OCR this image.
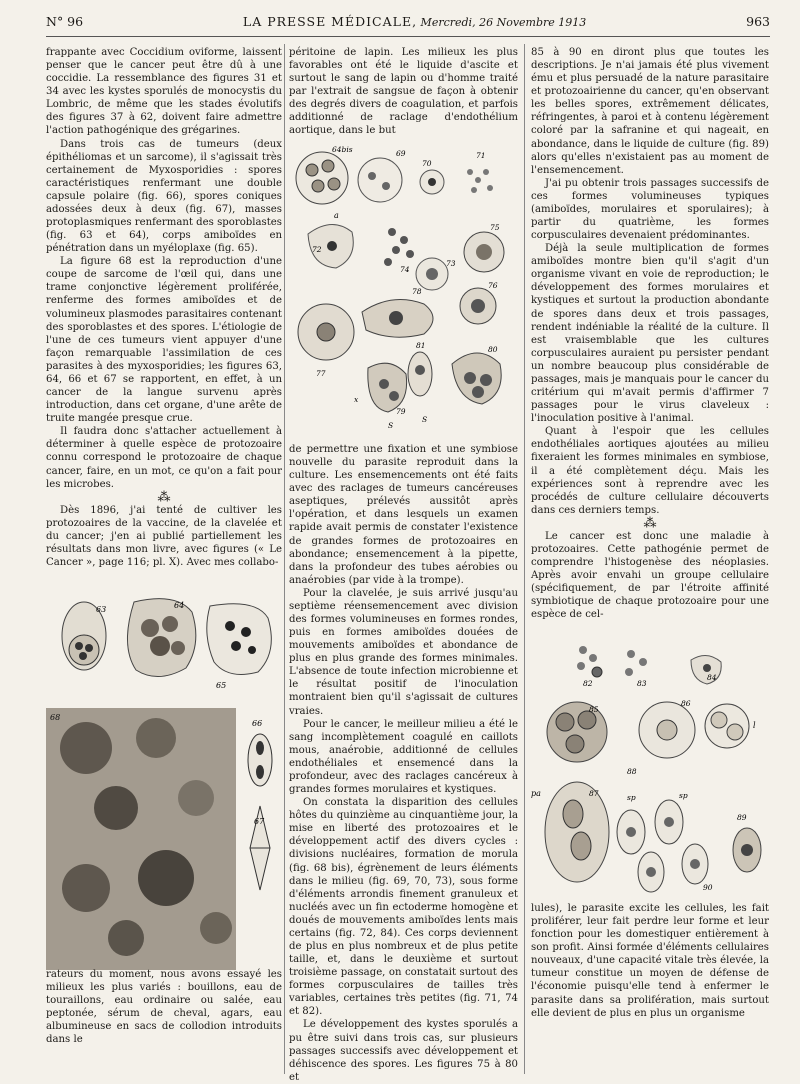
N° 96	LA PRESSE MÉDICALE, Mercredi, 26 Novembre 1913	963

frappante avec Coccidium oviforme, laissent penser que le cancer peut être dû à une coccidie. La ressemblance des figures 31 et 34 avec les kystes sporulés de monocystis du Lombric, de même que les stades évolutifs des figures 37 à 62, doivent faire admettre l'action pathogénique des grégarines.

Dans trois cas de tumeurs (deux épithéliomas et un sarcome), il s'agissait très certainement de Myxosporidies : spores caractéristiques renfermant une double capsule polaire (fig. 66), spores coniques adossées deux à deux (fig. 67), masses protoplasmiques renfermant des sporoblastes (fig. 63 et 64), corps amiboïdes en pénétration dans un myéloplaxe (fig. 65).

La figure 68 est la reproduction d'une coupe de sarcome de l'œil qui, dans une trame conjonctive légèrement proliférée, renferme des formes amiboïdes et de volumineux plasmodes parasitaires contenant des sporoblastes et des spores. L'étiologie de l'une de ces tumeurs vient appuyer d'une façon remarquable l'assimilation de ces parasites à des myxosporidies; les figures 63, 64, 66 et 67 se rapportent, en effet, à un cancer de la langue survenu après introduction, dans cet organe, d'une arête de truite mangée presque crue.

Il faudra donc s'attacher actuellement à déterminer à quelle espèce de protozoaire connu correspond le protozoaire de chaque cancer, faire, en un mot, ce qu'on a fait pour les microbes.

⁂

Dès 1896, j'ai tenté de cultiver les protozoaires de la vaccine, de la clavelée et du cancer; j'en ai publié partiellement les résultats dans mon livre, avec figures (« Le Cancer », page 116; pl. X). Avec mes collabo-

63	64
65
68
66
67

rateurs du moment, nous avons essayé les milieux les plus variés : bouillons, eau de touraillons, eau ordinaire ou salée, eau peptonée, sérum de cheval, agars, eau albumineuse en sacs de collodion introduits dans le

péritoine de lapin. Les milieux les plus favorables ont été le liquide d'ascite et surtout le sang de lapin ou d'homme traité par l'extrait de sangsue de façon à obtenir des degrés divers de coagulation, et parfois additionné de raclage d'endothélium aortique, dans le but

64bis	69
70
71
a
72
74
73
75
76
77
78
81	80
79
x
S
S

de permettre une fixation et une symbiose nouvelle du parasite reproduit dans la culture. Les ensemencements ont été faits avec des raclages de tumeurs cancéreuses aseptiques, prélevés aussitôt après l'opération, et dans lesquels un examen rapide avait permis de constater l'existence de grandes formes de protozoaires en abondance; ensemencement à la pipette, dans la profondeur des tubes aérobies ou anaérobies (par vide à la trompe).

Pour la clavelée, je suis arrivé jusqu'au septième réensemencement avec division des formes volumineuses en formes rondes, puis en formes amiboïdes douées de mouvements amiboïdes et abondance de plus en plus grande des formes minimales. L'absence de toute infection microbienne et le résultat positif de l'inoculation montraient bien qu'il s'agissait de cultures vraies.

Pour le cancer, le meilleur milieu a été le sang incomplètement coagulé en caillots mous, anaérobie, additionné de cellules endothéliales et ensemencé dans la profondeur, avec des raclages cancéreux à grandes formes morulaires et kystiques.

On constata la disparition des cellules hôtes du quinzième au cinquantième jour, la mise en liberté des protozoaires et le développement actif des divers cycles : divisions nucléaires, formation de morula (fig. 68 bis), égrènement de leurs éléments dans le milieu (fig. 69, 70, 73), sous forme d'éléments arrondis finement granuleux et nucléés avec un fin ectoderme homogène et doués de mouvements amiboïdes lents mais certains (fig. 72, 84). Ces corps deviennent de plus en plus nombreux et de plus petite taille, et, dans le deuxième et surtout troisième passage, on constatait surtout des formes corpusculaires de tailles très variables, certaines très petites (fig. 71, 74 et 82).

Le développement des kystes sporulés a pu être suivi dans trois cas, sur plusieurs passages successifs avec développement et déhiscence des spores. Les figures 75 à 80 et

85 à 90 en diront plus que toutes les descriptions. Je n'ai jamais été plus vivement ému et plus persuadé de la nature parasitaire et protozoairienne du cancer, qu'en observant les belles spores, extrêmement délicates, réfringentes, à paroi et à contenu légèrement coloré par la safranine et qui nageait, en abondance, dans le liquide de culture (fig. 89) alors qu'elles n'existaient pas au moment de l'ensemencement.

J'ai pu obtenir trois passages successifs de ces formes volumineuses typiques (amiboïdes, morulaires et sporulaires); à partir du quatrième, les formes corpusculaires devenaient prédominantes.

Déjà la seule multiplication de formes amiboïdes montre bien qu'il s'agit d'un organisme vivant en voie de reproduction; le développement des formes morulaires et kystiques et surtout la production abondante de spores dans deux et trois passages, rendent indéniable la réalité de la culture. Il est vraisemblable que les cultures corpusculaires auraient pu persister pendant un nombre beaucoup plus considérable de passages, mais je manquais pour le cancer du critérium qui m'avait permis d'affirmer 7 passages pour le virus claveleux : l'inoculation positive à l'animal.

Quant à l'espoir que les cellules endothéliales aortiques ajoutées au milieu fixeraient les formes minimales en symbiose, il a été complètement déçu. Mais les expériences sont à reprendre avec les procédés de culture cellulaire découverts dans ces derniers temps.

⁂

Le cancer est donc une maladie à protozoaires. Cette pathogénie permet de comprendre l'histogenèse des néoplasies. Après avoir envahi un groupe cellulaire (spécifiquement, de par l'étroite affinité symbiotique de chaque protozoaire pour une espèce de cel-

82	83
84
85
86
l
88
pa	87	sp	sp
89
90

lules), le parasite excite les cellules, les fait proliférer, leur fait perdre leur forme et leur fonction pour les domestiquer entièrement à son profit. Ainsi formée d'éléments cellulaires nouveaux, d'une capacité vitale très élevée, la tumeur constitue un moyen de défense de l'économie puisqu'elle tend à enfermer le parasite dans sa prolifération, mais surtout elle devient de plus en plus un organisme
